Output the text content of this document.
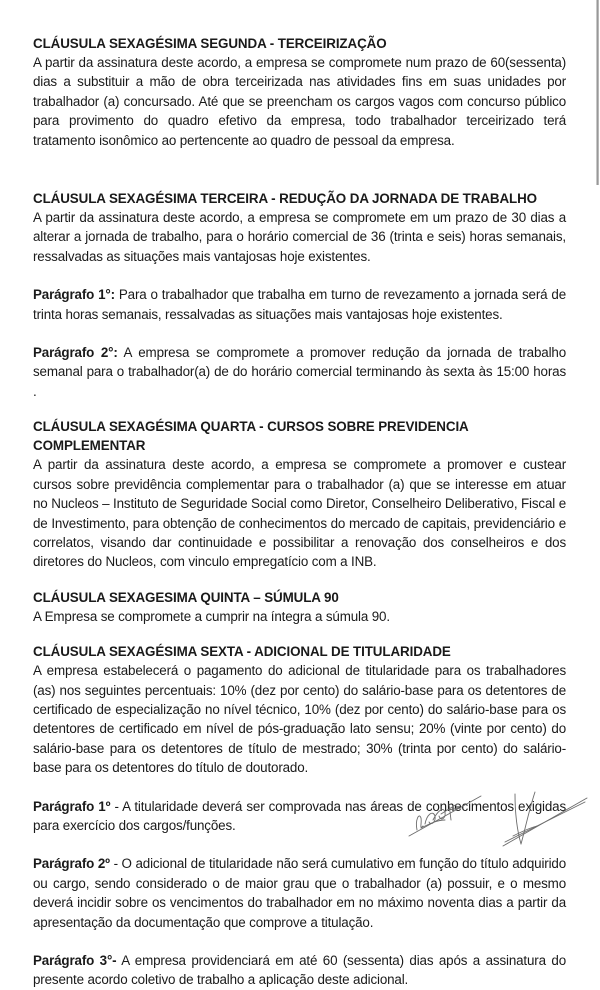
CLÁUSULA SEXAGÉSIMA SEGUNDA - TERCEIRIZAÇÃO

A partir da assinatura deste acordo, a empresa se compromete num prazo de 60(sessenta) dias a substituir a mão de obra terceirizada nas atividades fins em suas unidades por trabalhador (a) concursado. Até que se preencham os cargos vagos com concurso público para provimento do quadro efetivo da empresa, todo trabalhador terceirizado terá tratamento isonômico ao pertencente ao quadro de pessoal da empresa.

CLÁUSULA SEXAGÉSIMA TERCEIRA - REDUÇÃO DA JORNADA DE TRABALHO

A partir da assinatura deste acordo, a empresa se compromete em um prazo de 30 dias a alterar a jornada de trabalho, para o horário comercial de 36 (trinta e seis) horas semanais, ressalvadas as situações mais vantajosas hoje existentes.

Parágrafo 1°: Para o trabalhador que trabalha em turno de revezamento a jornada será de trinta horas semanais, ressalvadas as situações mais vantajosas hoje existentes.

Parágrafo 2°: A empresa se compromete a promover redução da jornada de trabalho semanal para o trabalhador(a) de do horário comercial terminando às sexta às 15:00 horas .

CLÁUSULA SEXAGÉSIMA QUARTA - CURSOS SOBRE PREVIDENCIA COMPLEMENTAR

A partir da assinatura deste acordo, a empresa se compromete a promover e custear cursos sobre previdência complementar para o trabalhador (a) que se interesse em atuar no Nucleos – Instituto de Seguridade Social como Diretor, Conselheiro Deliberativo, Fiscal e de Investimento, para obtenção de conhecimentos do mercado de capitais, previdenciário e correlatos, visando dar continuidade e possibilitar a renovação dos conselheiros e dos diretores do Nucleos, com vinculo empregatício com a INB.

CLÁUSULA SEXAGESIMA QUINTA – SÚMULA 90

A Empresa se compromete a cumprir na íntegra a súmula 90.

CLÁUSULA SEXAGÉSIMA SEXTA - ADICIONAL DE TITULARIDADE

A empresa estabelecerá o pagamento do adicional de titularidade para os trabalhadores (as) nos seguintes percentuais: 10% (dez por cento) do salário-base para os detentores de certificado de especialização no nível técnico, 10% (dez por cento) do salário-base para os detentores de certificado em nível de pós-graduação lato sensu; 20% (vinte por cento) do salário-base para os detentores de título de mestrado; 30% (trinta por cento) do salário-base para os detentores do título de doutorado.

Parágrafo 1º - A titularidade deverá ser comprovada nas áreas de conhecimentos exigidas para exercício dos cargos/funções.

Parágrafo 2º - O adicional de titularidade não será cumulativo em função do título adquirido ou cargo, sendo considerado o de maior grau que o trabalhador (a) possuir, e o mesmo deverá incidir sobre os vencimentos do trabalhador em no máximo noventa dias a partir da apresentação da documentação que comprove a titulação.

Parágrafo 3°- A empresa providenciará em até 60 (sessenta) dias após a assinatura do presente acordo coletivo de trabalho a aplicação deste adicional.
